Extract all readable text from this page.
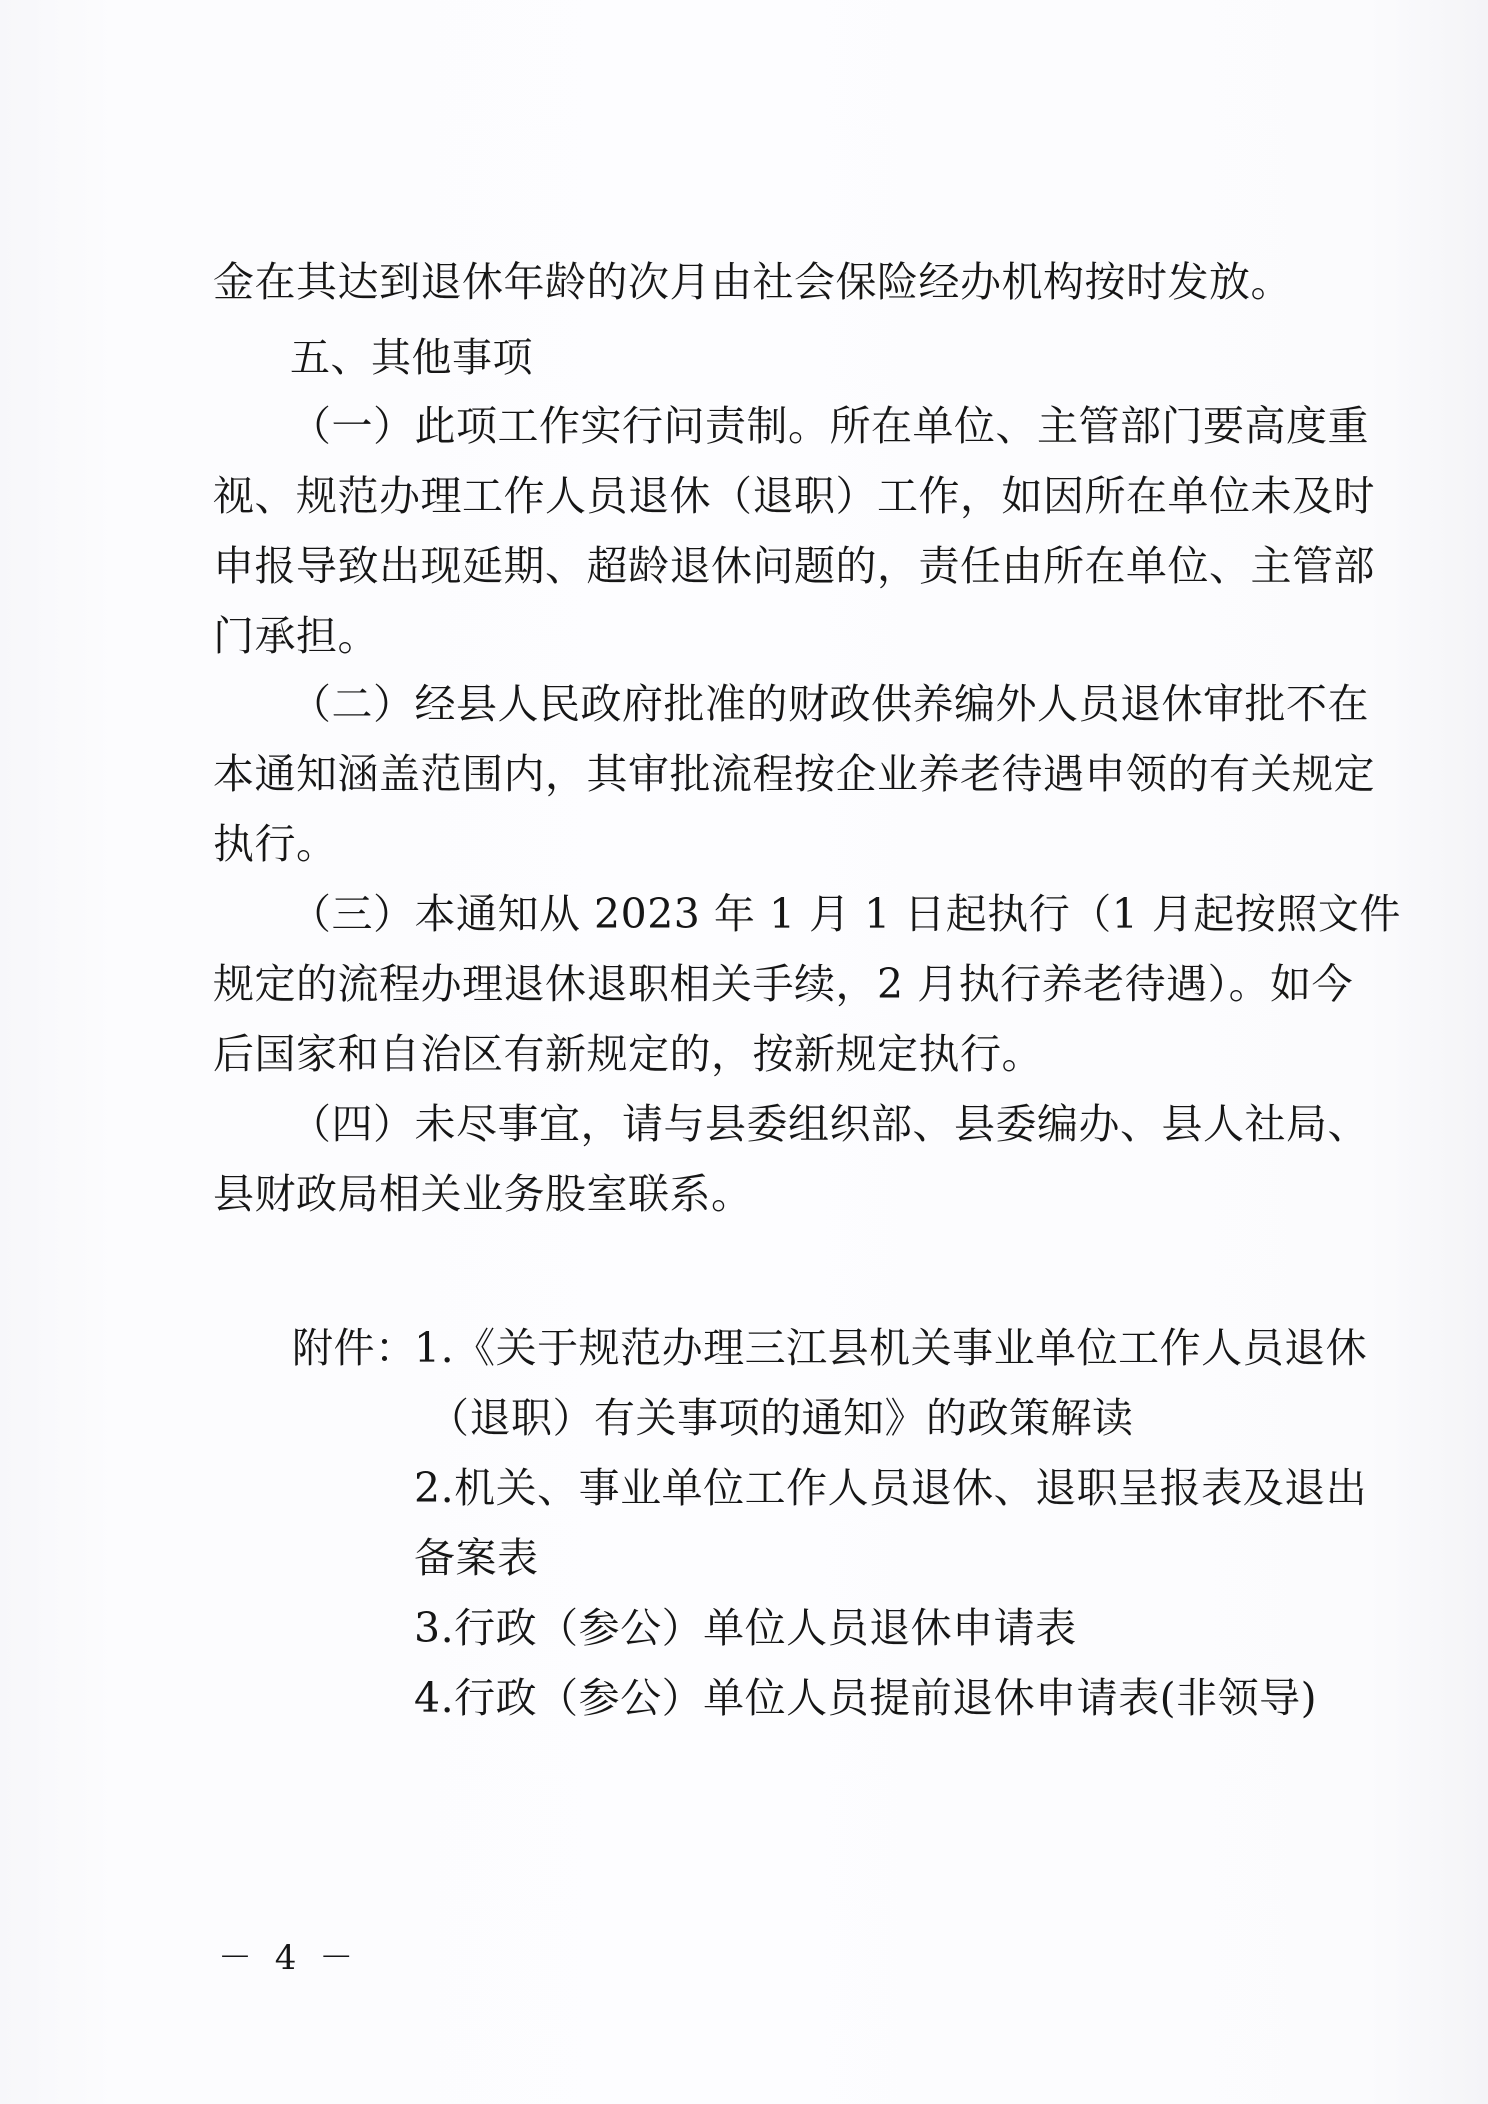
金在其达到退休年龄的次月由社会保险经办机构按时发放。
五、其他事项
（一）此项工作实行问责制。所在单位、主管部门要高度重
视、规范办理工作人员退休（退职）工作，如因所在单位未及时
申报导致出现延期、超龄退休问题的，责任由所在单位、主管部
门承担。
（二）经县人民政府批准的财政供养编外人员退休审批不在
本通知涵盖范围内，其审批流程按企业养老待遇申领的有关规定
执行。
（三）本通知从 2023 年 1 月 1 日起执行（1 月起按照文件
规定的流程办理退休退职相关手续，2 月执行养老待遇）。如今
后国家和自治区有新规定的，按新规定执行。
（四）未尽事宜，请与县委组织部、县委编办、县人社局、
县财政局相关业务股室联系。
附件：
1.《关于规范办理三江县机关事业单位工作人员退休
（退职）有关事项的通知》的政策解读
2.机关、事业单位工作人员退休、退职呈报表及退出
备案表
3.行政（参公）单位人员退休申请表
4.行政（参公）单位人员提前退休申请表(非领导)
－ 4 －
